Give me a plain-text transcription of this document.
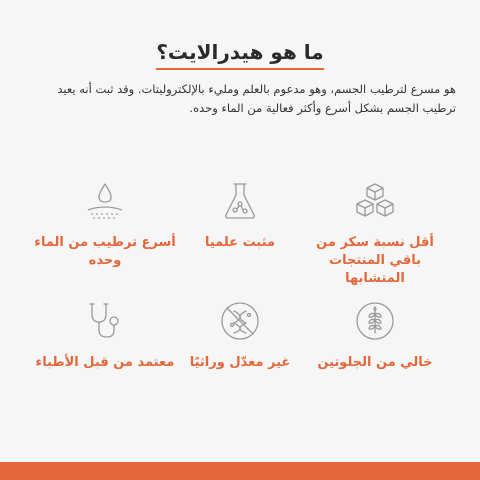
ما هو هيدرالايت؟

هو مسرع لترطيب الجسم، وهو مدعوم بالعلم ومليء بالإلكتروليتات. وقد ثبت أنه يعيد ترطيب الجسم بشكل أسرع وأكثر فعالية من الماء وحده.

أقل نسبة سكر من باقي المنتجات المتشابها
مثبت علميا
أسرع ترطيب من الماء وحده
خالي من الجلوتين
غير معدّل وراثيًا
معتمد من قبل الأطباء
